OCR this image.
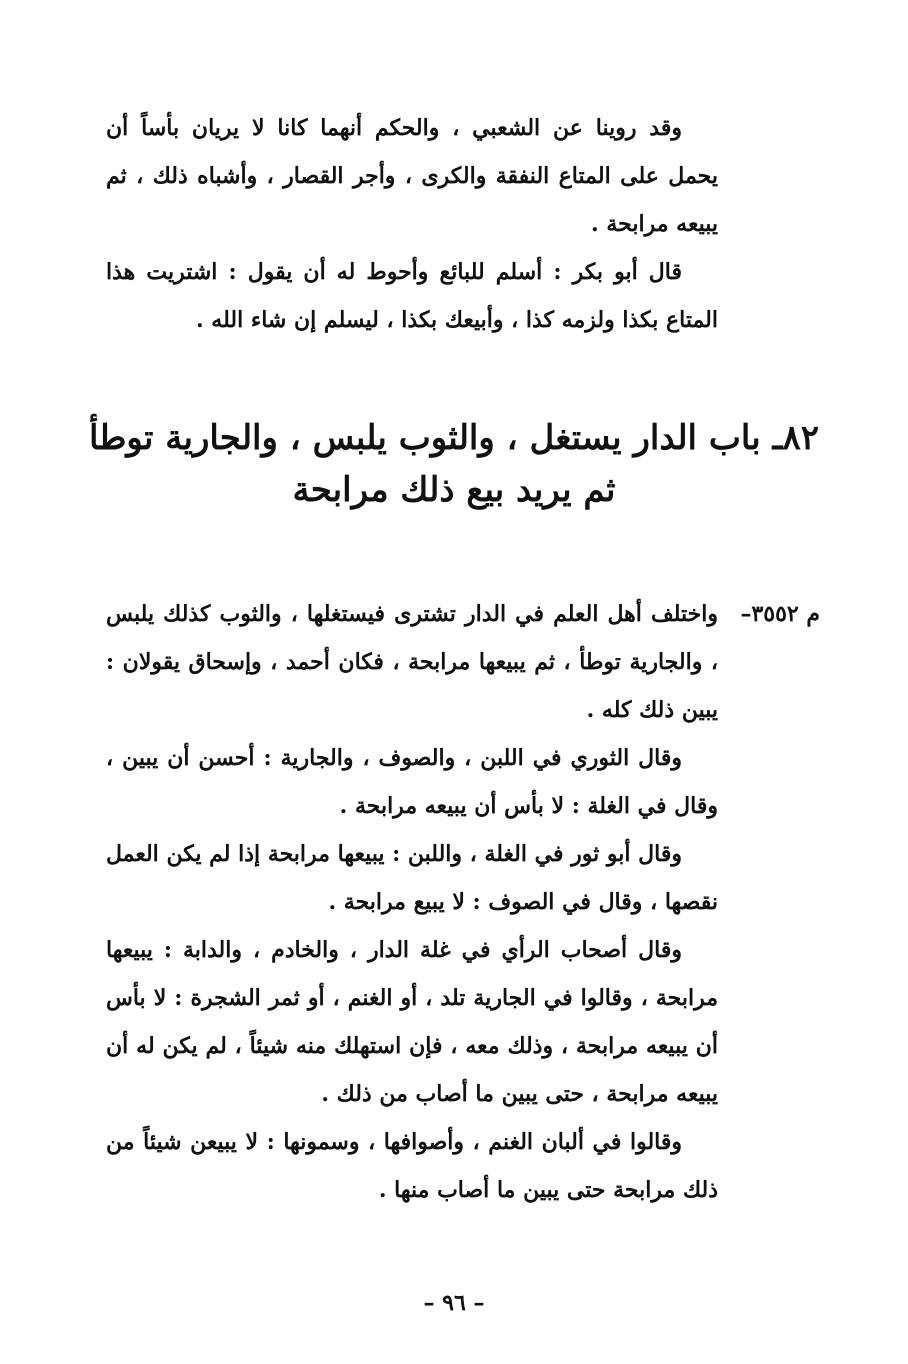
وقد روينا عن الشعبي ، والحكم أنهما كانا لا يريان بأساً أن يحمل على المتاع النفقة والكرى ، وأجر القصار ، وأشباه ذلك ، ثم يبيعه مرابحة .

قال أبو بكر : أسلم للبائع وأحوط له أن يقول : اشتريت هذا المتاع بكذا ولزمه كذا ، وأبيعك بكذا ، ليسلم إن شاء الله .

٨٢ـ باب الدار يستغل ، والثوب يلبس ، والجارية توطأ
ثم يريد بيع ذلك مرابحة
م ٣٥٥٢–

واختلف أهل العلم في الدار تشترى فيستغلها ، والثوب كذلك يلبس ، والجارية توطأ ، ثم يبيعها مرابحة ، فكان أحمد ، وإسحاق يقولان : يبين ذلك كله .

وقال الثوري في اللبن ، والصوف ، والجارية : أحسن أن يبين ، وقال في الغلة : لا بأس أن يبيعه مرابحة .

وقال أبو ثور في الغلة ، واللبن : يبيعها مرابحة إذا لم يكن العمل نقصها ، وقال في الصوف : لا يبيع مرابحة .

وقال أصحاب الرأي في غلة الدار ، والخادم ، والدابة : يبيعها مرابحة ، وقالوا في الجارية تلد ، أو الغنم ، أو ثمر الشجرة : لا بأس أن يبيعه مرابحة ، وذلك معه ، فإن استهلك منه شيئاً ، لم يكن له أن يبيعه مرابحة ، حتى يبين ما أصاب من ذلك .

وقالوا في ألبان الغنم ، وأصوافها ، وسمونها : لا يبيعن شيئاً من ذلك مرابحة حتى يبين ما أصاب منها .

– ٩٦ –
